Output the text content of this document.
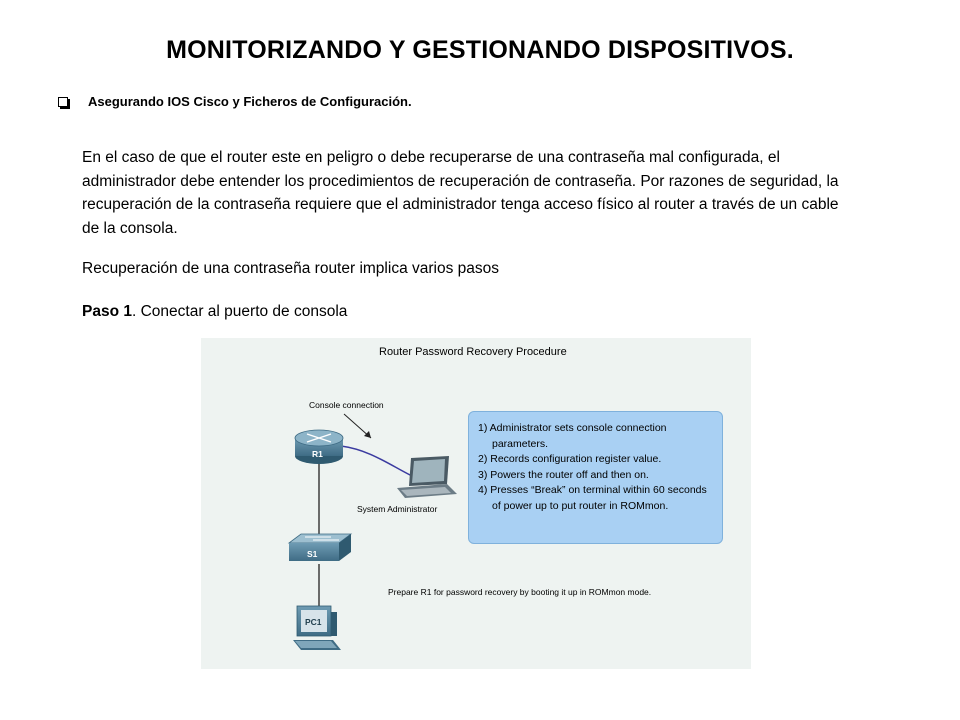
MONITORIZANDO Y GESTIONANDO DISPOSITIVOS.
Asegurando IOS Cisco y Ficheros de Configuración.
En el caso de que el router este en peligro o debe recuperarse de una contraseña mal configurada, el administrador debe entender los procedimientos de recuperación de contraseña. Por razones de seguridad, la recuperación de la contraseña requiere que el administrador tenga acceso físico al router a través de un cable de la consola.
Recuperación de una contraseña router implica varios pasos
Paso 1. Conectar al puerto de consola
Router Password Recovery Procedure
Console connection
System Administrator
R1
S1
PC1
1) Administrator sets console connection parameters.
2) Records configuration register value.
3) Powers the router off and then on.
4) Presses “Break” on terminal within 60 seconds of power up to put router in ROMmon.
Prepare R1 for password recovery by booting it up in ROMmon mode.
